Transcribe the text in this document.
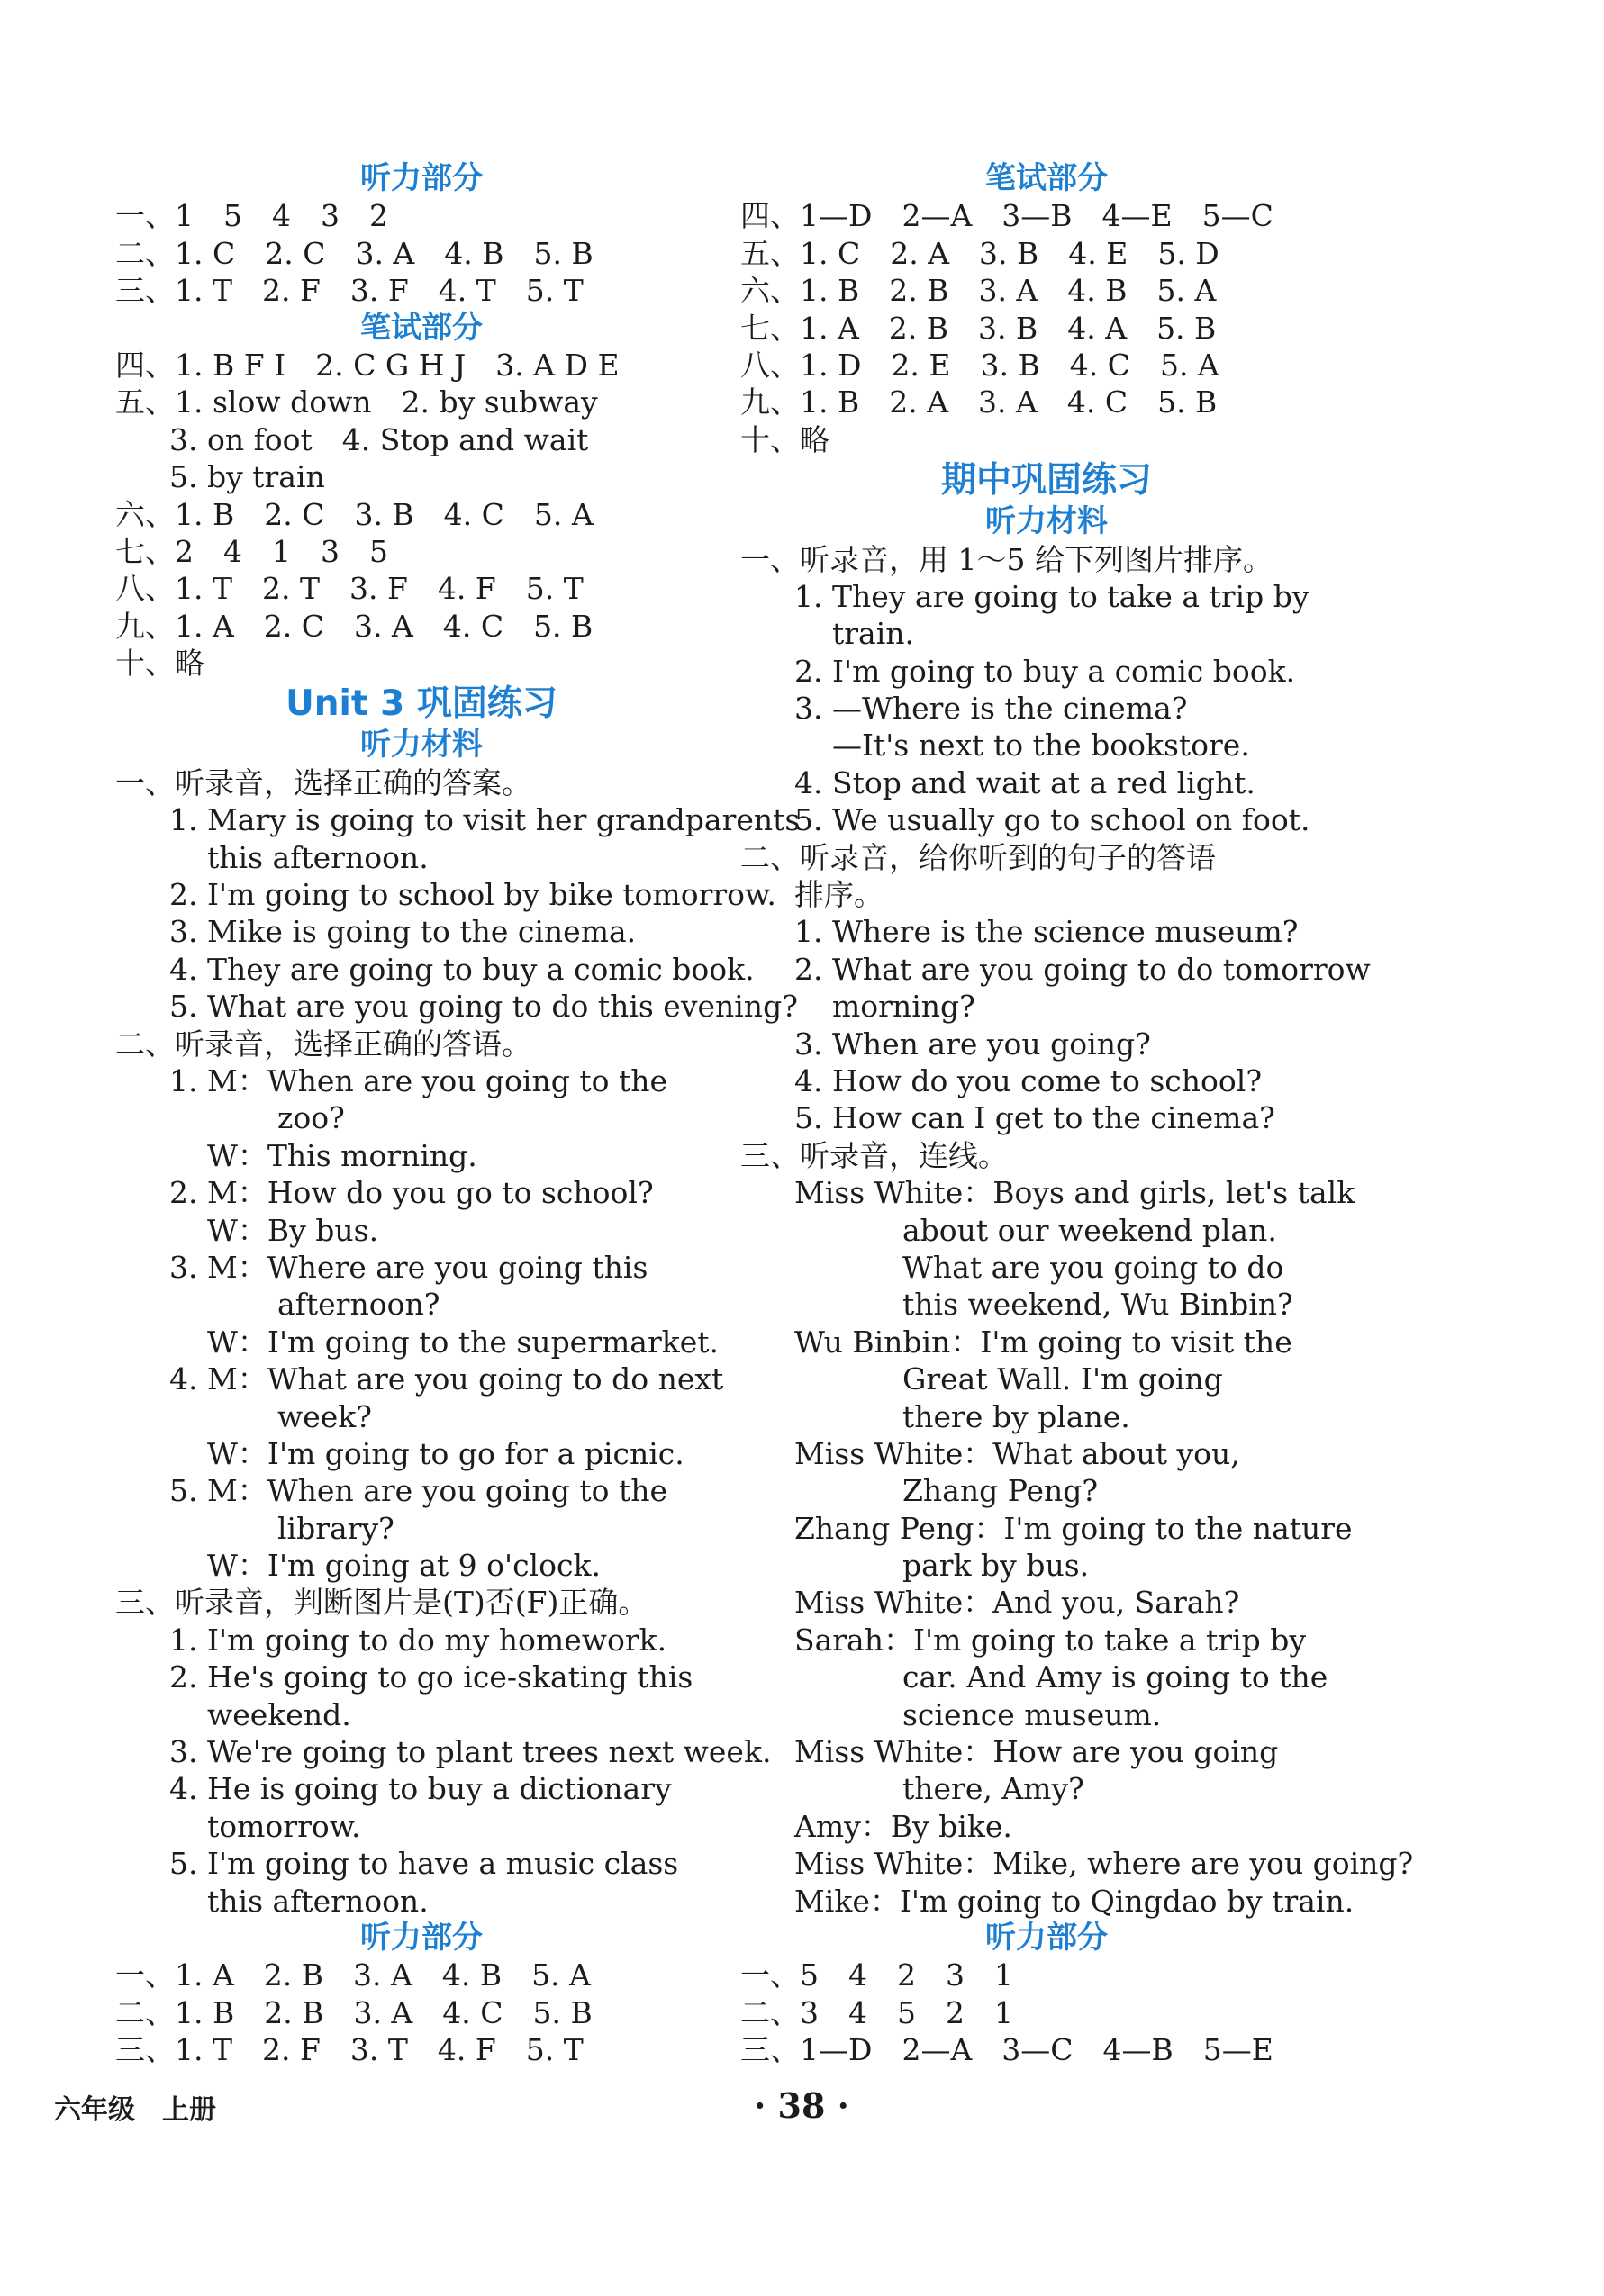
听力部分
一、1　5　4　3　2
二、1. C　2. C　3. A　4. B　5. B
三、1. T　2. F　3. F　4. T　5. T
笔试部分
四、1. B F I　2. C G H J　3. A D E
五、1. slow down　2. by subway
3. on foot　4. Stop and wait
5. by train
六、1. B　2. C　3. B　4. C　5. A
七、2　4　1　3　5
八、1. T　2. T　3. F　4. F　5. T
九、1. A　2. C　3. A　4. C　5. B
十、略
Unit 3 巩固练习
听力材料
一、听录音，选择正确的答案。
1. Mary is going to visit her grandparents
this afternoon.
2. I'm going to school by bike tomorrow.
3. Mike is going to the cinema.
4. They are going to buy a comic book.
5. What are you going to do this evening?
二、听录音，选择正确的答语。
1. M：When are you going to the
zoo?
W：This morning.
2. M：How do you go to school?
W：By bus.
3. M：Where are you going this
afternoon?
W：I'm going to the supermarket.
4. M：What are you going to do next
week?
W：I'm going to go for a picnic.
5. M：When are you going to the
library?
W：I'm going at 9 o'clock.
三、听录音，判断图片是(T)否(F)正确。
1. I'm going to do my homework.
2. He's going to go ice-skating this
weekend.
3. We're going to plant trees next week.
4. He is going to buy a dictionary
tomorrow.
5. I'm going to have a music class
this afternoon.
听力部分
一、1. A　2. B　3. A　4. B　5. A
二、1. B　2. B　3. A　4. C　5. B
三、1. T　2. F　3. T　4. F　5. T
笔试部分
四、1—D　2—A　3—B　4—E　5—C
五、1. C　2. A　3. B　4. E　5. D
六、1. B　2. B　3. A　4. B　5. A
七、1. A　2. B　3. B　4. A　5. B
八、1. D　2. E　3. B　4. C　5. A
九、1. B　2. A　3. A　4. C　5. B
十、略
期中巩固练习
听力材料
一、听录音，用 1～5 给下列图片排序。
1. They are going to take a trip by
train.
2. I'm going to buy a comic book.
3. —Where is the cinema?
—It's next to the bookstore.
4. Stop and wait at a red light.
5. We usually go to school on foot.
二、听录音，给你听到的句子的答语
排序。
1. Where is the science museum?
2. What are you going to do tomorrow
morning?
3. When are you going?
4. How do you come to school?
5. How can I get to the cinema?
三、听录音，连线。
Miss White：Boys and girls, let's talk
about our weekend plan.
What are you going to do
this weekend, Wu Binbin?
Wu Binbin：I'm going to visit the
Great Wall. I'm going
there by plane.
Miss White：What about you,
Zhang Peng?
Zhang Peng：I'm going to the nature
park by bus.
Miss White：And you, Sarah?
Sarah：I'm going to take a trip by
car. And Amy is going to the
science museum.
Miss White：How are you going
there, Amy?
Amy：By bike.
Miss White：Mike, where are you going?
Mike：I'm going to Qingdao by train.
听力部分
一、5　4　2　3　1
二、3　4　5　2　1
三、1—D　2—A　3—C　4—B　5—E
六年级　上册	· 38 ·
